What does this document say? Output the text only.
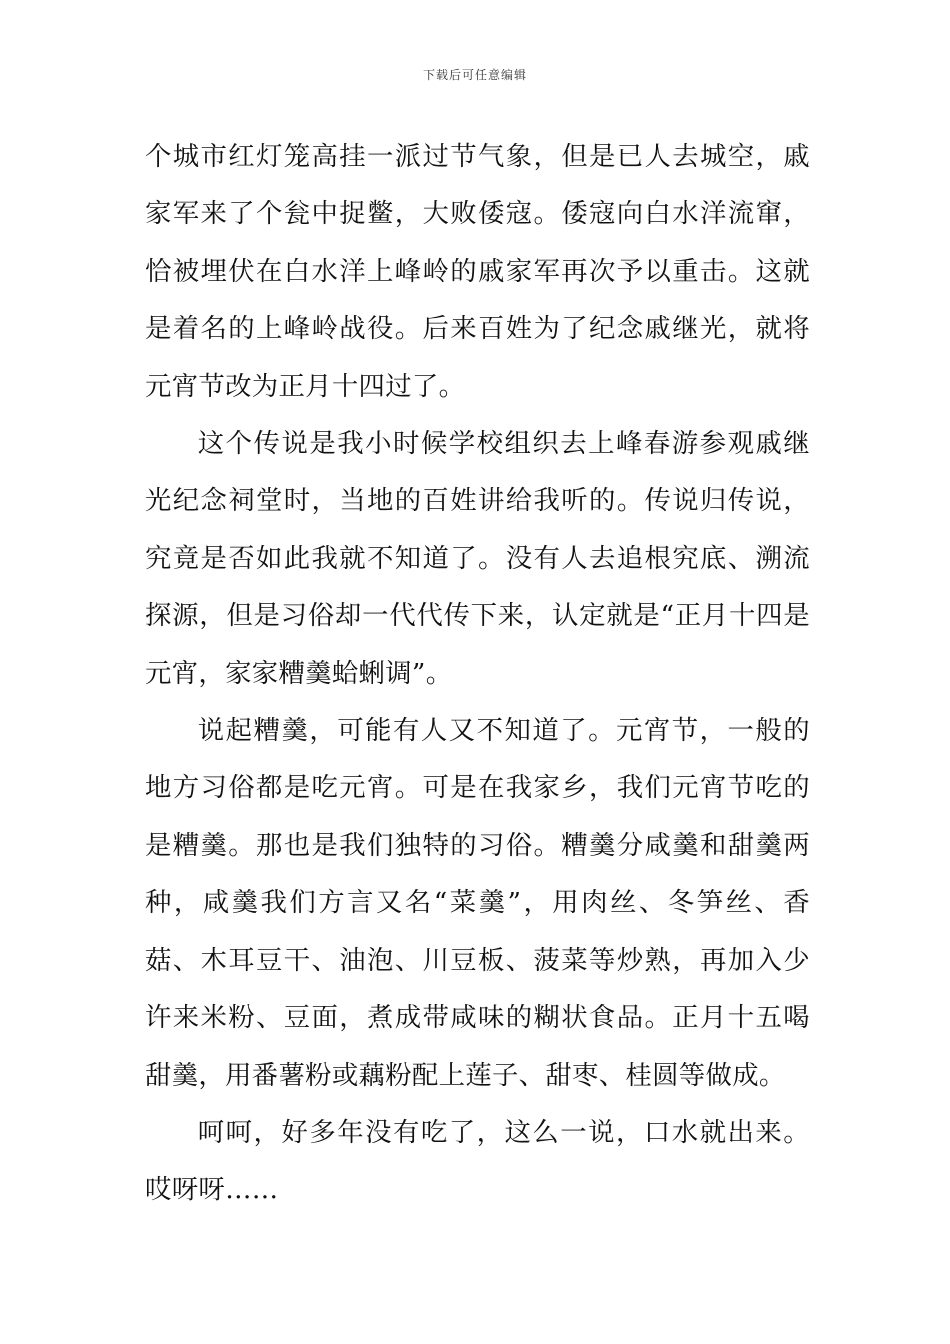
下载后可任意编辑

个城市红灯笼高挂一派过节气象，但是已人去城空，戚家军来了个瓮中捉鳖，大败倭寇。倭寇向白水洋流窜，恰被埋伏在白水洋上峰岭的戚家军再次予以重击。这就是着名的上峰岭战役。后来百姓为了纪念戚继光，就将元宵节改为正月十四过了。

这个传说是我小时候学校组织去上峰春游参观戚继光纪念祠堂时，当地的百姓讲给我听的。传说归传说，究竟是否如此我就不知道了。没有人去追根究底、溯流探源，但是习俗却一代代传下来，认定就是“正月十四是元宵，家家糟羹蛤蜊调”。

说起糟羹，可能有人又不知道了。元宵节，一般的地方习俗都是吃元宵。可是在我家乡，我们元宵节吃的是糟羹。那也是我们独特的习俗。糟羹分咸羹和甜羹两种，咸羹我们方言又名“菜羹”，用肉丝、冬笋丝、香菇、木耳豆干、油泡、川豆板、菠菜等炒熟，再加入少许来米粉、豆面，煮成带咸味的糊状食品。正月十五喝甜羹，用番薯粉或藕粉配上莲子、甜枣、桂圆等做成。

呵呵，好多年没有吃了，这么一说，口水就出来。哎呀呀……
